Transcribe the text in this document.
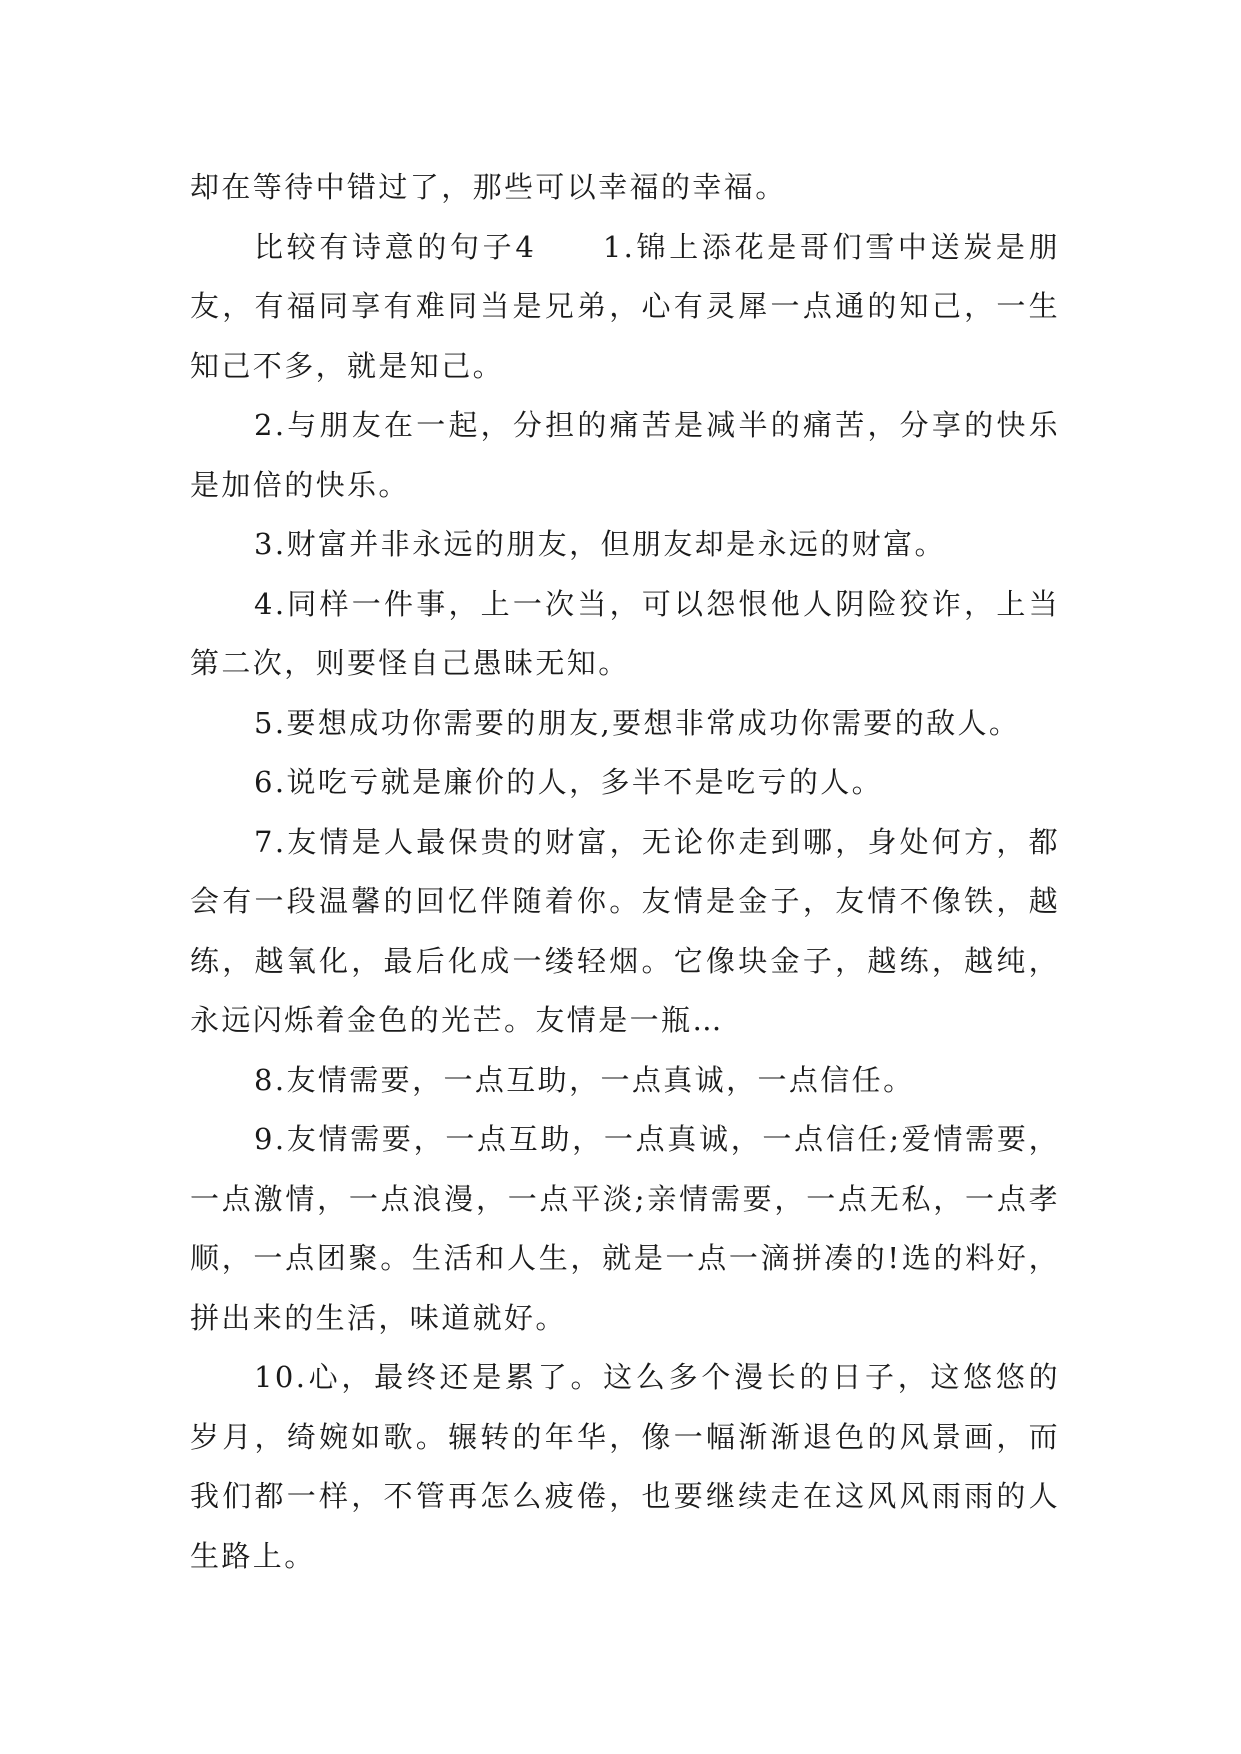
却在等待中错过了，那些可以幸福的幸福。

比较有诗意的句子4　　1.锦上添花是哥们雪中送炭是朋友，有福同享有难同当是兄弟，心有灵犀一点通的知己，一生知己不多，就是知己。

2.与朋友在一起，分担的痛苦是减半的痛苦，分享的快乐是加倍的快乐。

3.财富并非永远的朋友，但朋友却是永远的财富。

4.同样一件事，上一次当，可以怨恨他人阴险狡诈，上当第二次，则要怪自己愚昧无知。

5.要想成功你需要的朋友,要想非常成功你需要的敌人。

6.说吃亏就是廉价的人，多半不是吃亏的人。

7.友情是人最保贵的财富，无论你走到哪，身处何方，都会有一段温馨的回忆伴随着你。友情是金子，友情不像铁，越练，越氧化，最后化成一缕轻烟。它像块金子，越练，越纯，永远闪烁着金色的光芒。友情是一瓶…

8.友情需要，一点互助，一点真诚，一点信任。

9.友情需要，一点互助，一点真诚，一点信任;爱情需要，一点激情，一点浪漫，一点平淡;亲情需要，一点无私，一点孝顺，一点团聚。生活和人生，就是一点一滴拼凑的!选的料好，拼出来的生活，味道就好。

10.心，最终还是累了。这么多个漫长的日子，这悠悠的岁月，绮婉如歌。辗转的年华，像一幅渐渐退色的风景画，而我们都一样，不管再怎么疲倦，也要继续走在这风风雨雨的人生路上。
